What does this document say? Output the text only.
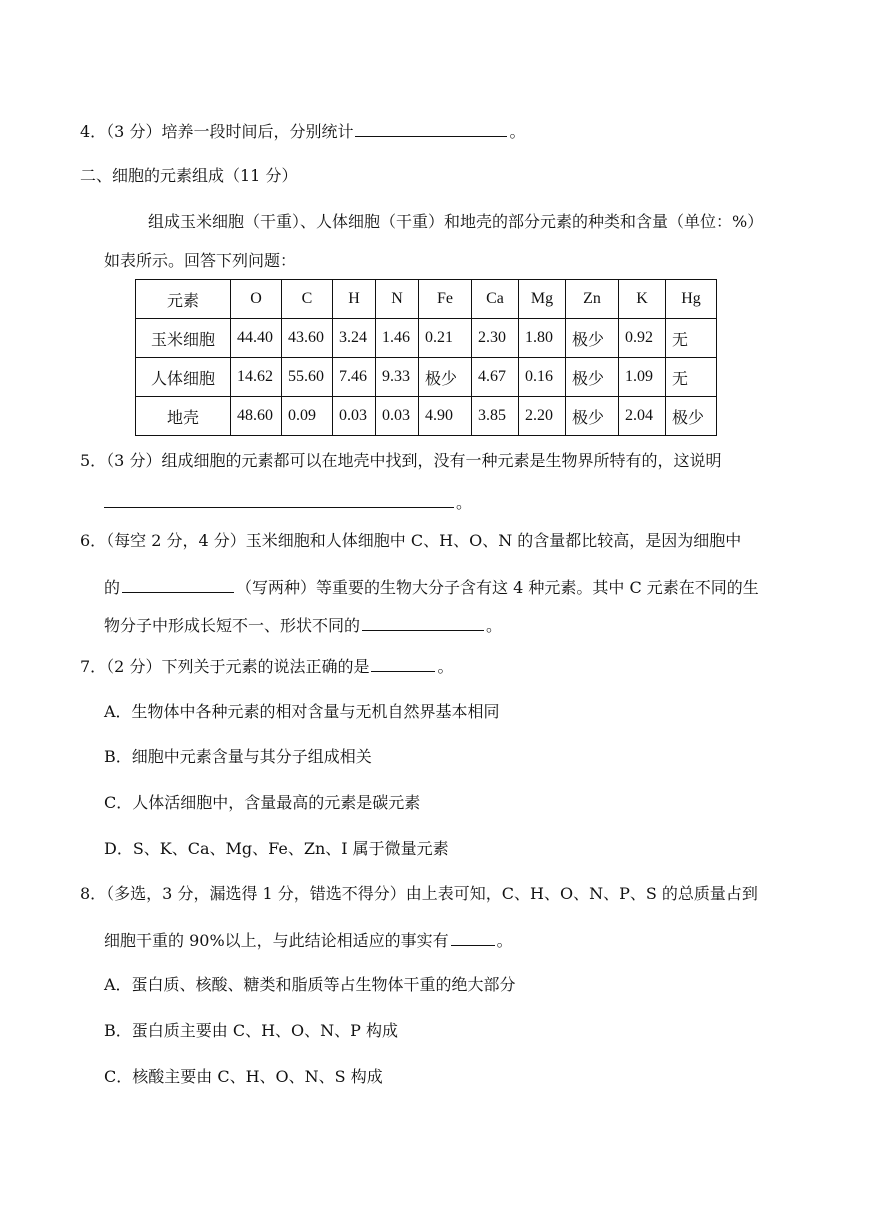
4．（3 分）培养一段时间后，分别统计	。
二、细胞的元素组成（11 分）
组成玉米细胞（干重）、人体细胞（干重）和地壳的部分元素的种类和含量（单位：%）
如表所示。回答下列问题：
元素	O	C	H	N	Fe	Ca	Mg	Zn	K	Hg
玉米细胞	44.40	43.60	3.24	1.46	0.21	2.30	1.80	极少	0.92	无
人体细胞	14.62	55.60	7.46	9.33	极少	4.67	0.16	极少	1.09	无
地壳	48.60	0.09	0.03	0.03	4.90	3.85	2.20	极少	2.04	极少
5．（3 分）组成细胞的元素都可以在地壳中找到，没有一种元素是生物界所特有的，这说明
。
6．（每空 2 分，4 分）玉米细胞和人体细胞中 C、H、O、N 的含量都比较高，是因为细胞中
的	（写两种）等重要的生物大分子含有这 4 种元素。其中 C 元素在不同的生
物分子中形成长短不一、形状不同的	。
7．（2 分）下列关于元素的说法正确的是	。
A．生物体中各种元素的相对含量与无机自然界基本相同
B．细胞中元素含量与其分子组成相关
C．人体活细胞中，含量最高的元素是碳元素
D．S、K、Ca、Mg、Fe、Zn、I 属于微量元素
8．（多选，3 分，漏选得 1 分，错选不得分）由上表可知，C、H、O、N、P、S 的总质量占到
细胞干重的 90%以上，与此结论相适应的事实有	。
A．蛋白质、核酸、糖类和脂质等占生物体干重的绝大部分
B．蛋白质主要由 C、H、O、N、P 构成
C．核酸主要由 C、H、O、N、S 构成
